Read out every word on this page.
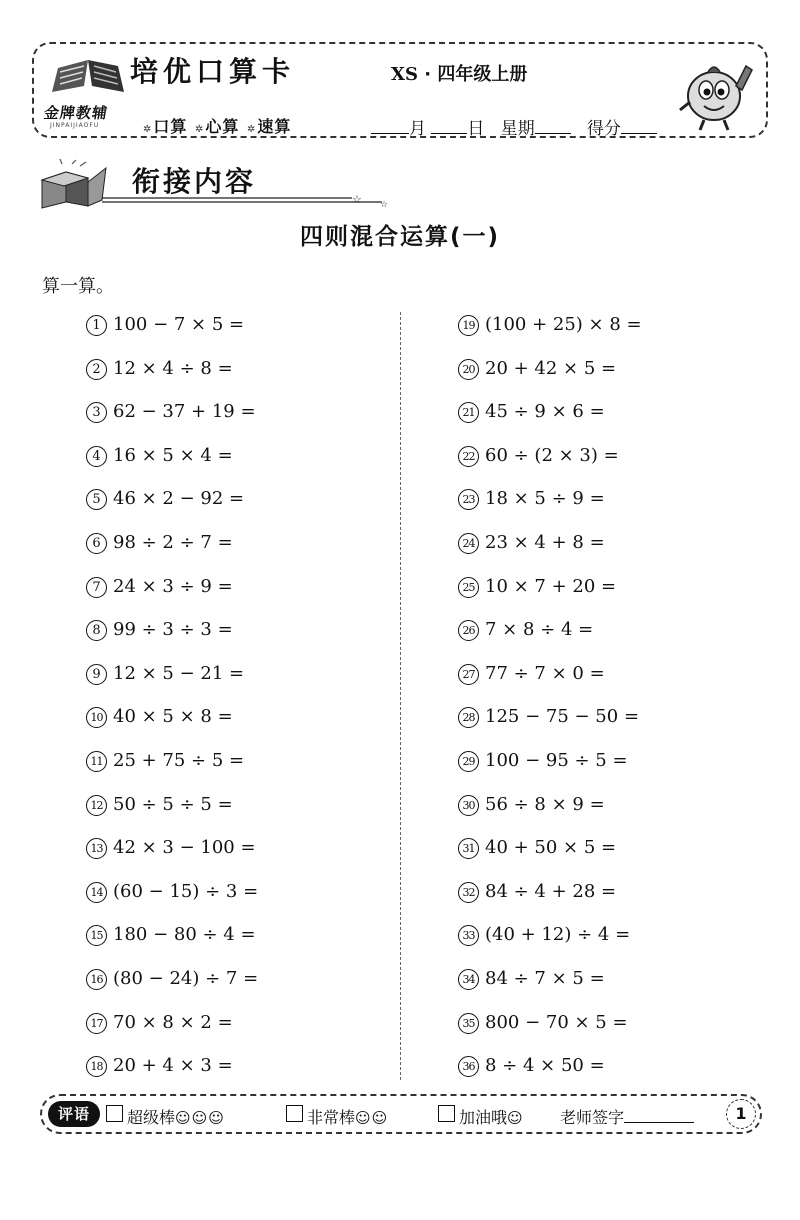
金牌教辅
JINPAIJIAOFU
培优口算卡	XS · 四年级上册
✲口算 ✲心算 ✲速算	月 日 星期	得分
衔接内容
☆ ☆
四则混合运算(一)
算一算。
1 100 − 7 × 5 =
2 12 × 4 ÷ 8 =
3 62 − 37 + 19 =
4 16 × 5 × 4 =
5 46 × 2 − 92 =
6 98 ÷ 2 ÷ 7 =
7 24 × 3 ÷ 9 =
8 99 ÷ 3 ÷ 3 =
9 12 × 5 − 21 =
10 40 × 5 × 8 =
11 25 + 75 ÷ 5 =
12 50 ÷ 5 ÷ 5 =
13 42 × 3 − 100 =
14 (60 − 15) ÷ 3 =
15 180 − 80 ÷ 4 =
16 (80 − 24) ÷ 7 =
17 70 × 8 × 2 =
18 20 + 4 × 3 =
19 (100 + 25) × 8 =
20 20 + 42 × 5 =
21 45 ÷ 9 × 6 =
22 60 ÷ (2 × 3) =
23 18 × 5 ÷ 9 =
24 23 × 4 + 8 =
25 10 × 7 + 20 =
26 7 × 8 ÷ 4 =
27 77 ÷ 7 × 0 =
28 125 − 75 − 50 =
29 100 − 95 ÷ 5 =
30 56 ÷ 8 × 9 =
31 40 + 50 × 5 =
32 84 ÷ 4 + 28 =
33 (40 + 12) ÷ 4 =
34 84 ÷ 7 × 5 =
35 800 − 70 × 5 =
36 8 ÷ 4 × 50 =
评语	超级棒☺☺☺	非常棒☺☺	加油哦☺ 老师签字	1
